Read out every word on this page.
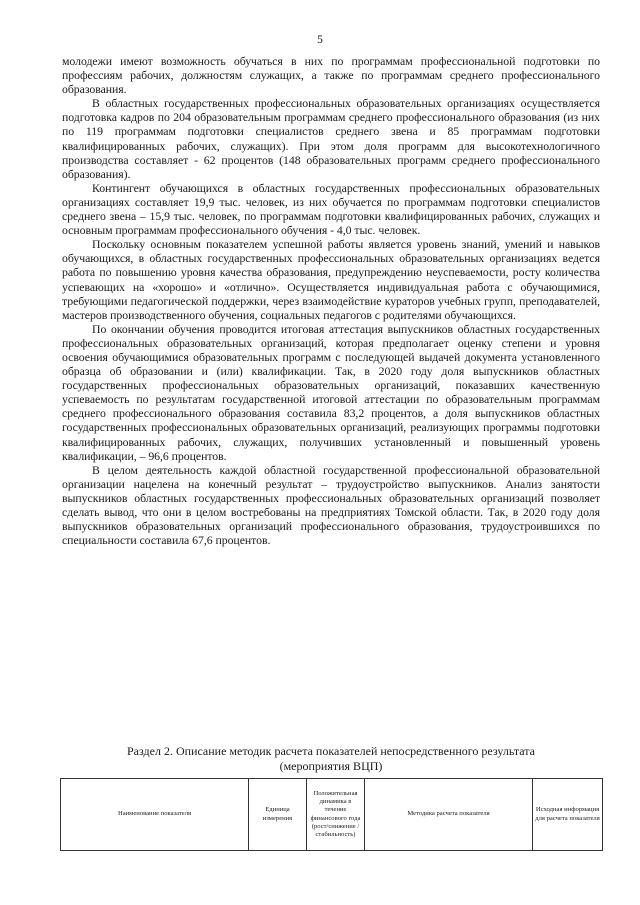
5

молодежи имеют возможность обучаться в них по программам профессиональной подготовки по профессиям рабочих, должностям служащих, а также по программам среднего профессионального образования.

В областных государственных профессиональных образовательных организациях осуществляется подготовка кадров по 204 образовательным программам среднего профессионального образования (из них по 119 программам подготовки специалистов среднего звена и 85 программам подготовки квалифицированных рабочих, служащих). При этом доля программ для высокотехнологичного производства составляет - 62 процентов (148 образовательных программ среднего профессионального образования).

Контингент обучающихся в областных государственных профессиональных образовательных организациях составляет 19,9 тыс. человек, из них обучается по программам подготовки специалистов среднего звена – 15,9 тыс. человек, по программам подготовки квалифицированных рабочих, служащих и основным программам профессионального обучения - 4,0 тыс. человек.

Поскольку основным показателем успешной работы является уровень знаний, умений и навыков обучающихся, в областных государственных профессиональных образовательных организациях ведется работа по повышению уровня качества образования, предупреждению неуспеваемости, росту количества успевающих на «хорошо» и «отлично». Осуществляется индивидуальная работа с обучающимися, требующими педагогической поддержки, через взаимодействие кураторов учебных групп, преподавателей, мастеров производственного обучения, социальных педагогов с родителями обучающихся.

По окончании обучения проводится итоговая аттестация выпускников областных государственных профессиональных образовательных организаций, которая предполагает оценку степени и уровня освоения обучающимися образовательных программ с последующей выдачей документа установленного образца об образовании и (или) квалификации. Так, в 2020 году доля выпускников областных государственных профессиональных образовательных организаций, показавших качественную успеваемость по результатам государственной итоговой аттестации по образовательным программам среднего профессионального образования составила 83,2 процентов, а доля выпускников областных государственных профессиональных образовательных организаций, реализующих программы подготовки квалифицированных рабочих, служащих, получивших установленный и повышенный уровень квалификации, – 96,6 процентов.

В целом деятельность каждой областной государственной профессиональной образовательной организации нацелена на конечный результат – трудоустройство выпускников. Анализ занятости выпускников областных государственных профессиональных образовательных организаций позволяет сделать вывод, что они в целом востребованы на предприятиях Томской области. Так, в 2020 году доля выпускников образовательных организаций профессионального образования, трудоустроившихся по специальности составила 67,6 процентов.

Раздел 2. Описание методик расчета показателей непосредственного результата
(мероприятия ВЦП)
Наименование показателя	Единица измерения	Положительная динамика в течение финансового года (рост/снижение /стабильность)	Методика расчета показателя	Исходная информация для расчета показателя
